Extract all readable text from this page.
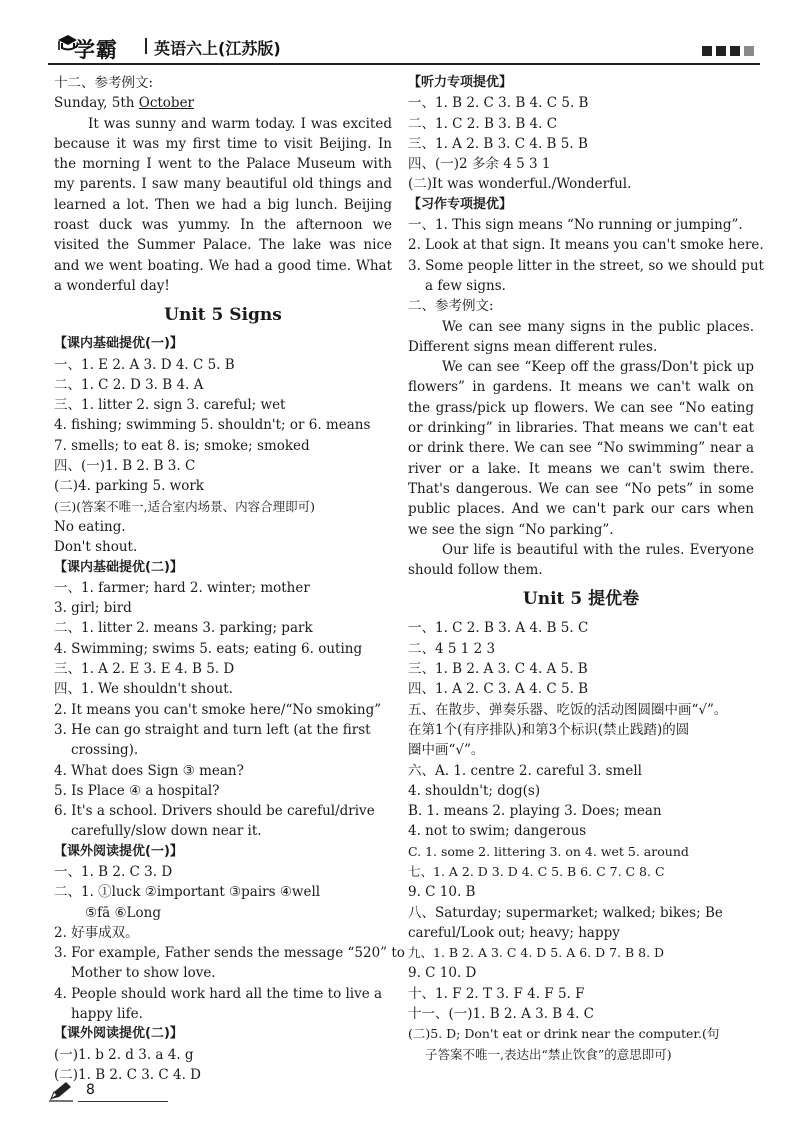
学霸 英语六上(江苏版)
十二、参考例文:
Sunday, 5th October

It was sunny and warm today. I was excited because it was my first time to visit Beijing. In the morning I went to the Palace Museum with my parents. I saw many beautiful old things and learned a lot. Then we had a big lunch. Beijing roast duck was yummy. In the afternoon we visited the Summer Palace. The lake was nice and we went boating. We had a good time. What a wonderful day!

Unit 5 Signs
【课内基础提优(一)】
一、1. E 2. A 3. D 4. C 5. B
二、1. C 2. D 3. B 4. A
三、1. litter 2. sign 3. careful; wet
4. fishing; swimming 5. shouldn't; or 6. means
7. smells; to eat 8. is; smoke; smoked
四、(一)1. B 2. B 3. C
(二)4. parking 5. work
(三)(答案不唯一,适合室内场景、内容合理即可)
No eating.
Don't shout.
【课内基础提优(二)】
一、1. farmer; hard 2. winter; mother
3. girl; bird
二、1. litter 2. means 3. parking; park
4. Swimming; swims 5. eats; eating 6. outing
三、1. A 2. E 3. E 4. B 5. D
四、1. We shouldn't shout.
2. It means you can't smoke here/“No smoking”
3. He can go straight and turn left (at the first
crossing).
4. What does Sign ③ mean?
5. Is Place ④ a hospital?
6. It's a school. Drivers should be careful/drive
carefully/slow down near it.
【课外阅读提优(一)】
一、1. B 2. C 3. D
二、1. ①luck ②important ③pairs ④well
⑤fā ⑥Long
2. 好事成双。
3. For example, Father sends the message “520” to
Mother to show love.
4. People should work hard all the time to live a
happy life.
【课外阅读提优(二)】
(一)1. b 2. d 3. a 4. g
(二)1. B 2. C 3. C 4. D
【听力专项提优】
一、1. B 2. C 3. B 4. C 5. B
二、1. C 2. B 3. B 4. C
三、1. A 2. B 3. C 4. B 5. B
四、(一)2 多余 4 5 3 1
(二)It was wonderful./Wonderful.
【习作专项提优】
一、1. This sign means “No running or jumping”.
2. Look at that sign. It means you can't smoke here.
3. Some people litter in the street, so we should put
a few signs.
二、参考例文:

We can see many signs in the public places. Different signs mean different rules.

We can see “Keep off the grass/Don't pick up flowers” in gardens. It means we can't walk on the grass/pick up flowers. We can see “No eating or drinking” in libraries. That means we can't eat or drink there. We can see “No swimming” near a river or a lake. It means we can't swim there. That's dangerous. We can see “No pets” in some public places. And we can't park our cars when we see the sign “No parking”.

Our life is beautiful with the rules. Everyone should follow them.

Unit 5 提优卷
一、1. C 2. B 3. A 4. B 5. C
二、4 5 1 2 3
三、1. B 2. A 3. C 4. A 5. B
四、1. A 2. C 3. A 4. C 5. B
五、在散步、弹奏乐器、吃饭的活动图圆圈中画“√”。
在第1个(有序排队)和第3个标识(禁止践踏)的圆
圈中画“√”。
六、A. 1. centre 2. careful 3. smell
4. shouldn't; dog(s)
B. 1. means 2. playing 3. Does; mean
4. not to swim; dangerous
C. 1. some 2. littering 3. on 4. wet 5. around
七、1. A 2. D 3. D 4. C 5. B 6. C 7. C 8. C
9. C 10. B
八、Saturday; supermarket; walked; bikes; Be
careful/Look out; heavy; happy
九、1. B 2. A 3. C 4. D 5. A 6. D 7. B 8. D
9. C 10. D
十、1. F 2. T 3. F 4. F 5. F
十一、(一)1. B 2. A 3. B 4. C
(二)5. D; Don't eat or drink near the computer.(句
子答案不唯一,表达出“禁止饮食”的意思即可)
8
